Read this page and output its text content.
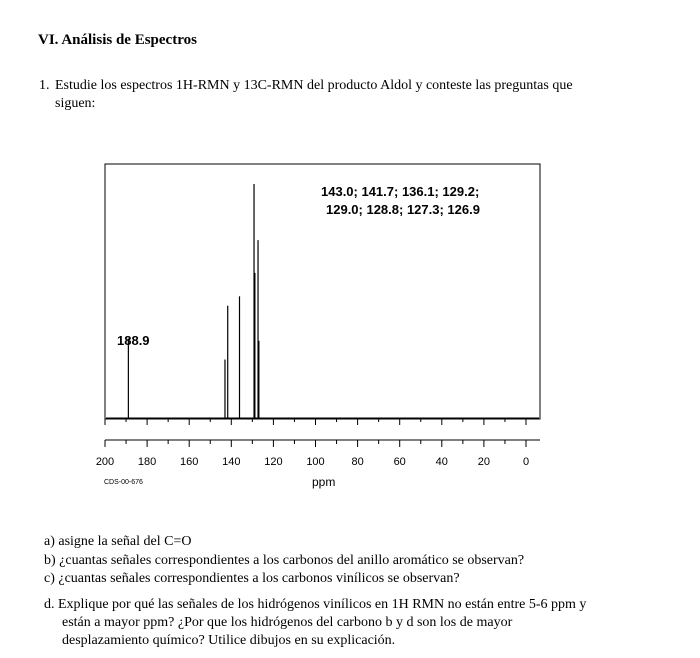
VI. Análisis de Espectros
1. Estudie los espectros 1H-RMN y 13C-RMN del producto Aldol y conteste las preguntas que
siguen:
200 180 160 140 120 100 80	60	40	20	0
188.9
143.0; 141.7; 136.1; 129.2;
129.0; 128.8; 127.3; 126.9
ppm
CDS-00-676
a) asigne la señal del C=O
b) ¿cuantas señales correspondientes a los carbonos del anillo aromático se observan?
c) ¿cuantas señales correspondientes a los carbonos vinílicos se observan?
d. Explique por qué las señales de los hidrógenos vinílicos en 1H RMN no están entre 5-6 ppm y
están a mayor ppm? ¿Por que los hidrógenos del carbono b y d son los de mayor
desplazamiento químico? Utilice dibujos en su explicación.
